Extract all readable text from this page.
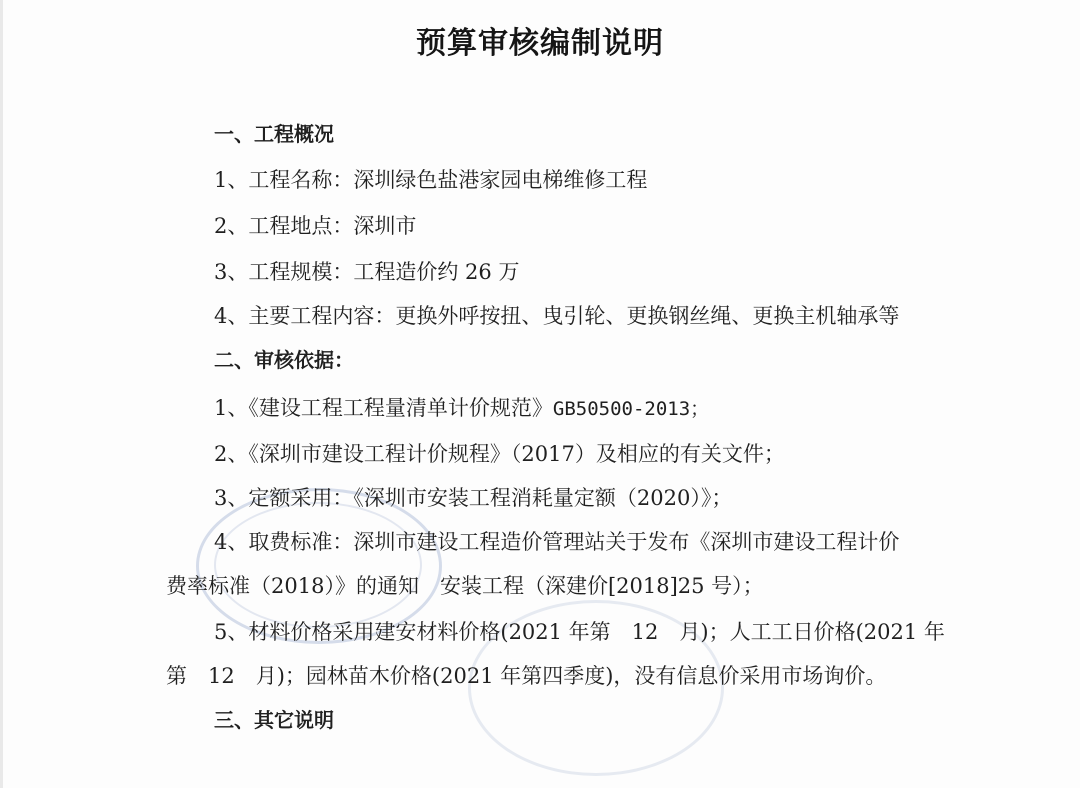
预算审核编制说明
一、工程概况
1、工程名称：深圳绿色盐港家园电梯维修工程
2、工程地点：深圳市
3、工程规模：工程造价约 26 万
4、主要工程内容：更换外呼按扭、曳引轮、更换钢丝绳、更换主机轴承等
二、审核依据：
1、《建设工程工程量清单计价规范》GB50500-2013；
2、《深圳市建设工程计价规程》（2017）及相应的有关文件；
3、定额采用：《深圳市安装工程消耗量定额（2020）》；
4、取费标准：深圳市建设工程造价管理站关于发布《深圳市建设工程计价
费率标准（2018）》的通知　安装工程（深建价[2018]25 号）；
5、材料价格采用建安材料价格(2021 年第　12　月)；人工工日价格(2021 年
第　12　月)；园林苗木价格(2021 年第四季度)，没有信息价采用市场询价。
三、其它说明
